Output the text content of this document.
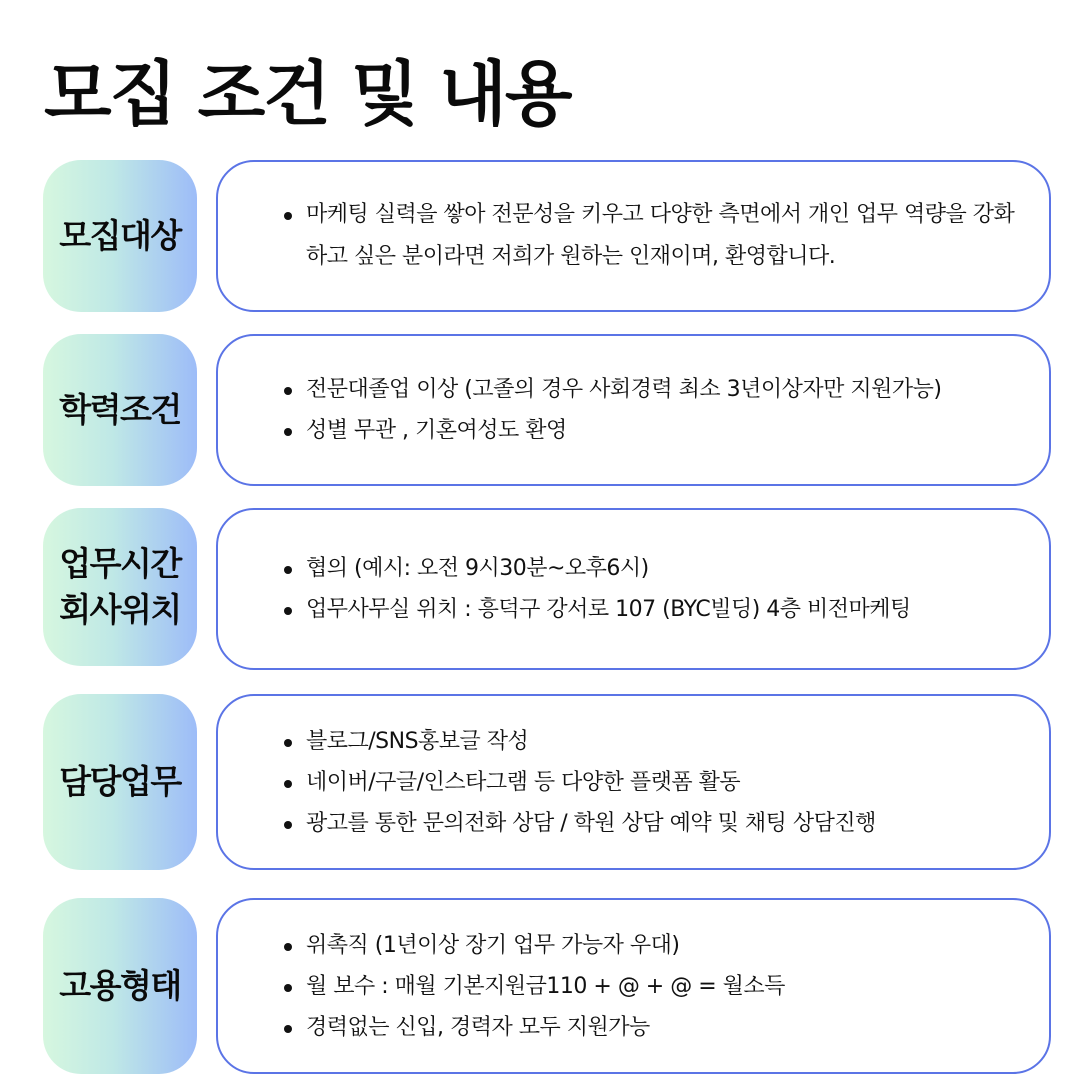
모집 조건 및 내용
모집대상
마케팅 실력을 쌓아 전문성을 키우고 다양한 측면에서 개인 업무 역량을 강화하고 싶은 분이라면 저희가 원하는 인재이며, 환영합니다.
학력조건
전문대졸업 이상 (고졸의 경우 사회경력 최소 3년이상자만 지원가능)
성별 무관 , 기혼여성도 환영
업무시간
회사위치
협의 (예시: 오전 9시30분~오후6시)
업무사무실 위치 : 흥덕구 강서로 107 (BYC빌딩) 4층 비전마케팅
담당업무
블로그/SNS홍보글 작성
네이버/구글/인스타그램 등 다양한 플랫폼 활동
광고를 통한 문의전화 상담 / 학원 상담 예약 및 채팅 상담진행
고용형태
위촉직 (1년이상 장기 업무 가능자 우대)
월 보수 : 매월 기본지원금110 + @ + @ = 월소득
경력없는 신입, 경력자 모두 지원가능
